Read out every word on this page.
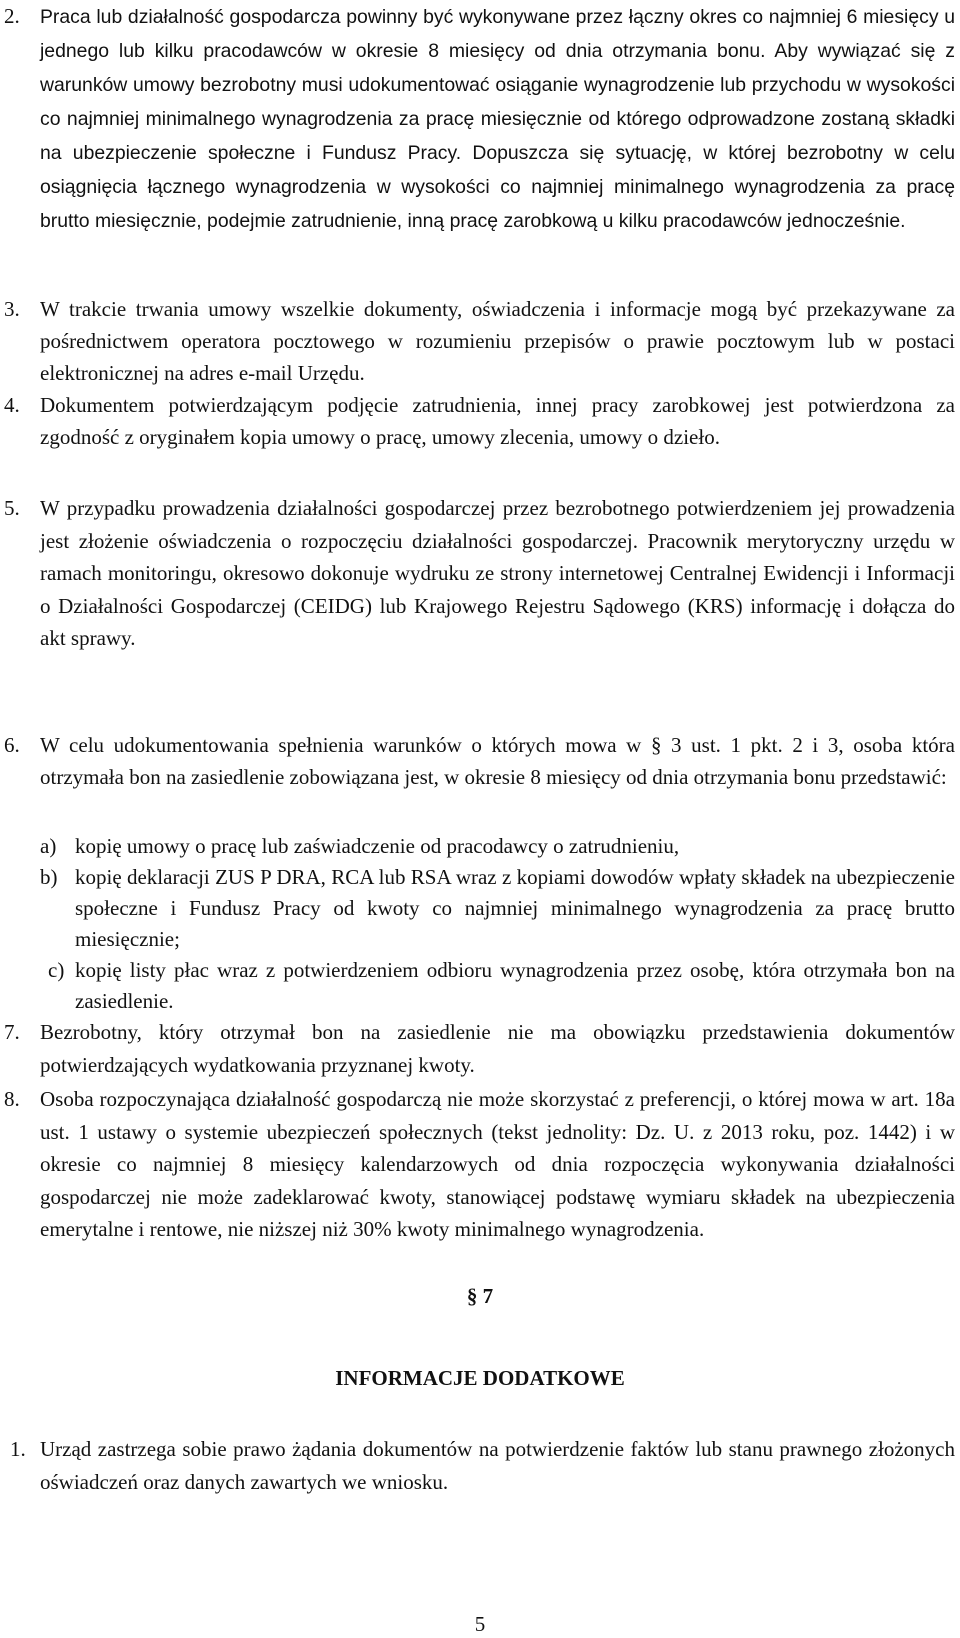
2. Praca lub działalność gospodarcza powinny być wykonywane przez łączny okres co najmniej 6 miesięcy u jednego lub kilku pracodawców w okresie 8 miesięcy od dnia otrzymania bonu. Aby wywiązać się z warunków umowy bezrobotny musi udokumentować osiąganie wynagrodzenie lub przychodu w wysokości co najmniej minimalnego wynagrodzenia za pracę miesięcznie od którego odprowadzone zostaną składki na ubezpieczenie społeczne i Fundusz Pracy. Dopuszcza się sytuację, w której bezrobotny w celu osiągnięcia łącznego wynagrodzenia w wysokości co najmniej minimalnego wynagrodzenia za pracę brutto miesięcznie, podejmie zatrudnienie, inną pracę zarobkową u kilku pracodawców jednocześnie.
3. W trakcie trwania umowy wszelkie dokumenty, oświadczenia i informacje mogą być przekazywane za pośrednictwem operatora pocztowego w rozumieniu przepisów o prawie pocztowym lub w postaci elektronicznej na adres e-mail Urzędu.
4. Dokumentem potwierdzającym podjęcie zatrudnienia, innej pracy zarobkowej jest potwierdzona za zgodność z oryginałem kopia umowy o pracę, umowy zlecenia, umowy o dzieło.
5. W przypadku prowadzenia działalności gospodarczej przez bezrobotnego potwierdzeniem jej prowadzenia jest złożenie oświadczenia o rozpoczęciu działalności gospodarczej. Pracownik merytoryczny urzędu w ramach monitoringu, okresowo dokonuje wydruku ze strony internetowej Centralnej Ewidencji i Informacji o Działalności Gospodarczej (CEIDG) lub Krajowego Rejestru Sądowego (KRS) informację i dołącza do akt sprawy.
6. W celu udokumentowania spełnienia warunków o których mowa w § 3 ust. 1 pkt. 2 i 3, osoba która otrzymała bon na zasiedlenie zobowiązana jest, w okresie 8 miesięcy od dnia otrzymania bonu przedstawić:
a) kopię umowy o pracę lub zaświadczenie od pracodawcy o zatrudnieniu,
b) kopię deklaracji ZUS P DRA, RCA lub RSA wraz z kopiami dowodów wpłaty składek na ubezpieczenie społeczne i Fundusz Pracy od kwoty co najmniej minimalnego wynagrodzenia za pracę brutto miesięcznie;
c) kopię listy płac wraz z potwierdzeniem odbioru wynagrodzenia przez osobę, która otrzymała bon na zasiedlenie.
7. Bezrobotny, który otrzymał bon na zasiedlenie nie ma obowiązku przedstawienia dokumentów potwierdzających wydatkowania przyznanej kwoty.
8. Osoba rozpoczynająca działalność gospodarczą nie może skorzystać z preferencji, o której mowa w art. 18a ust. 1 ustawy o systemie ubezpieczeń społecznych (tekst jednolity: Dz. U. z 2013 roku, poz. 1442) i w okresie co najmniej 8 miesięcy kalendarzowych od dnia rozpoczęcia wykonywania działalności gospodarczej nie może zadeklarować kwoty, stanowiącej podstawę wymiaru składek na ubezpieczenia emerytalne i rentowe, nie niższej niż 30% kwoty minimalnego wynagrodzenia.
§ 7
INFORMACJE DODATKOWE
1. Urząd zastrzega sobie prawo żądania dokumentów na potwierdzenie faktów lub stanu prawnego złożonych oświadczeń oraz danych zawartych we wniosku.
5
